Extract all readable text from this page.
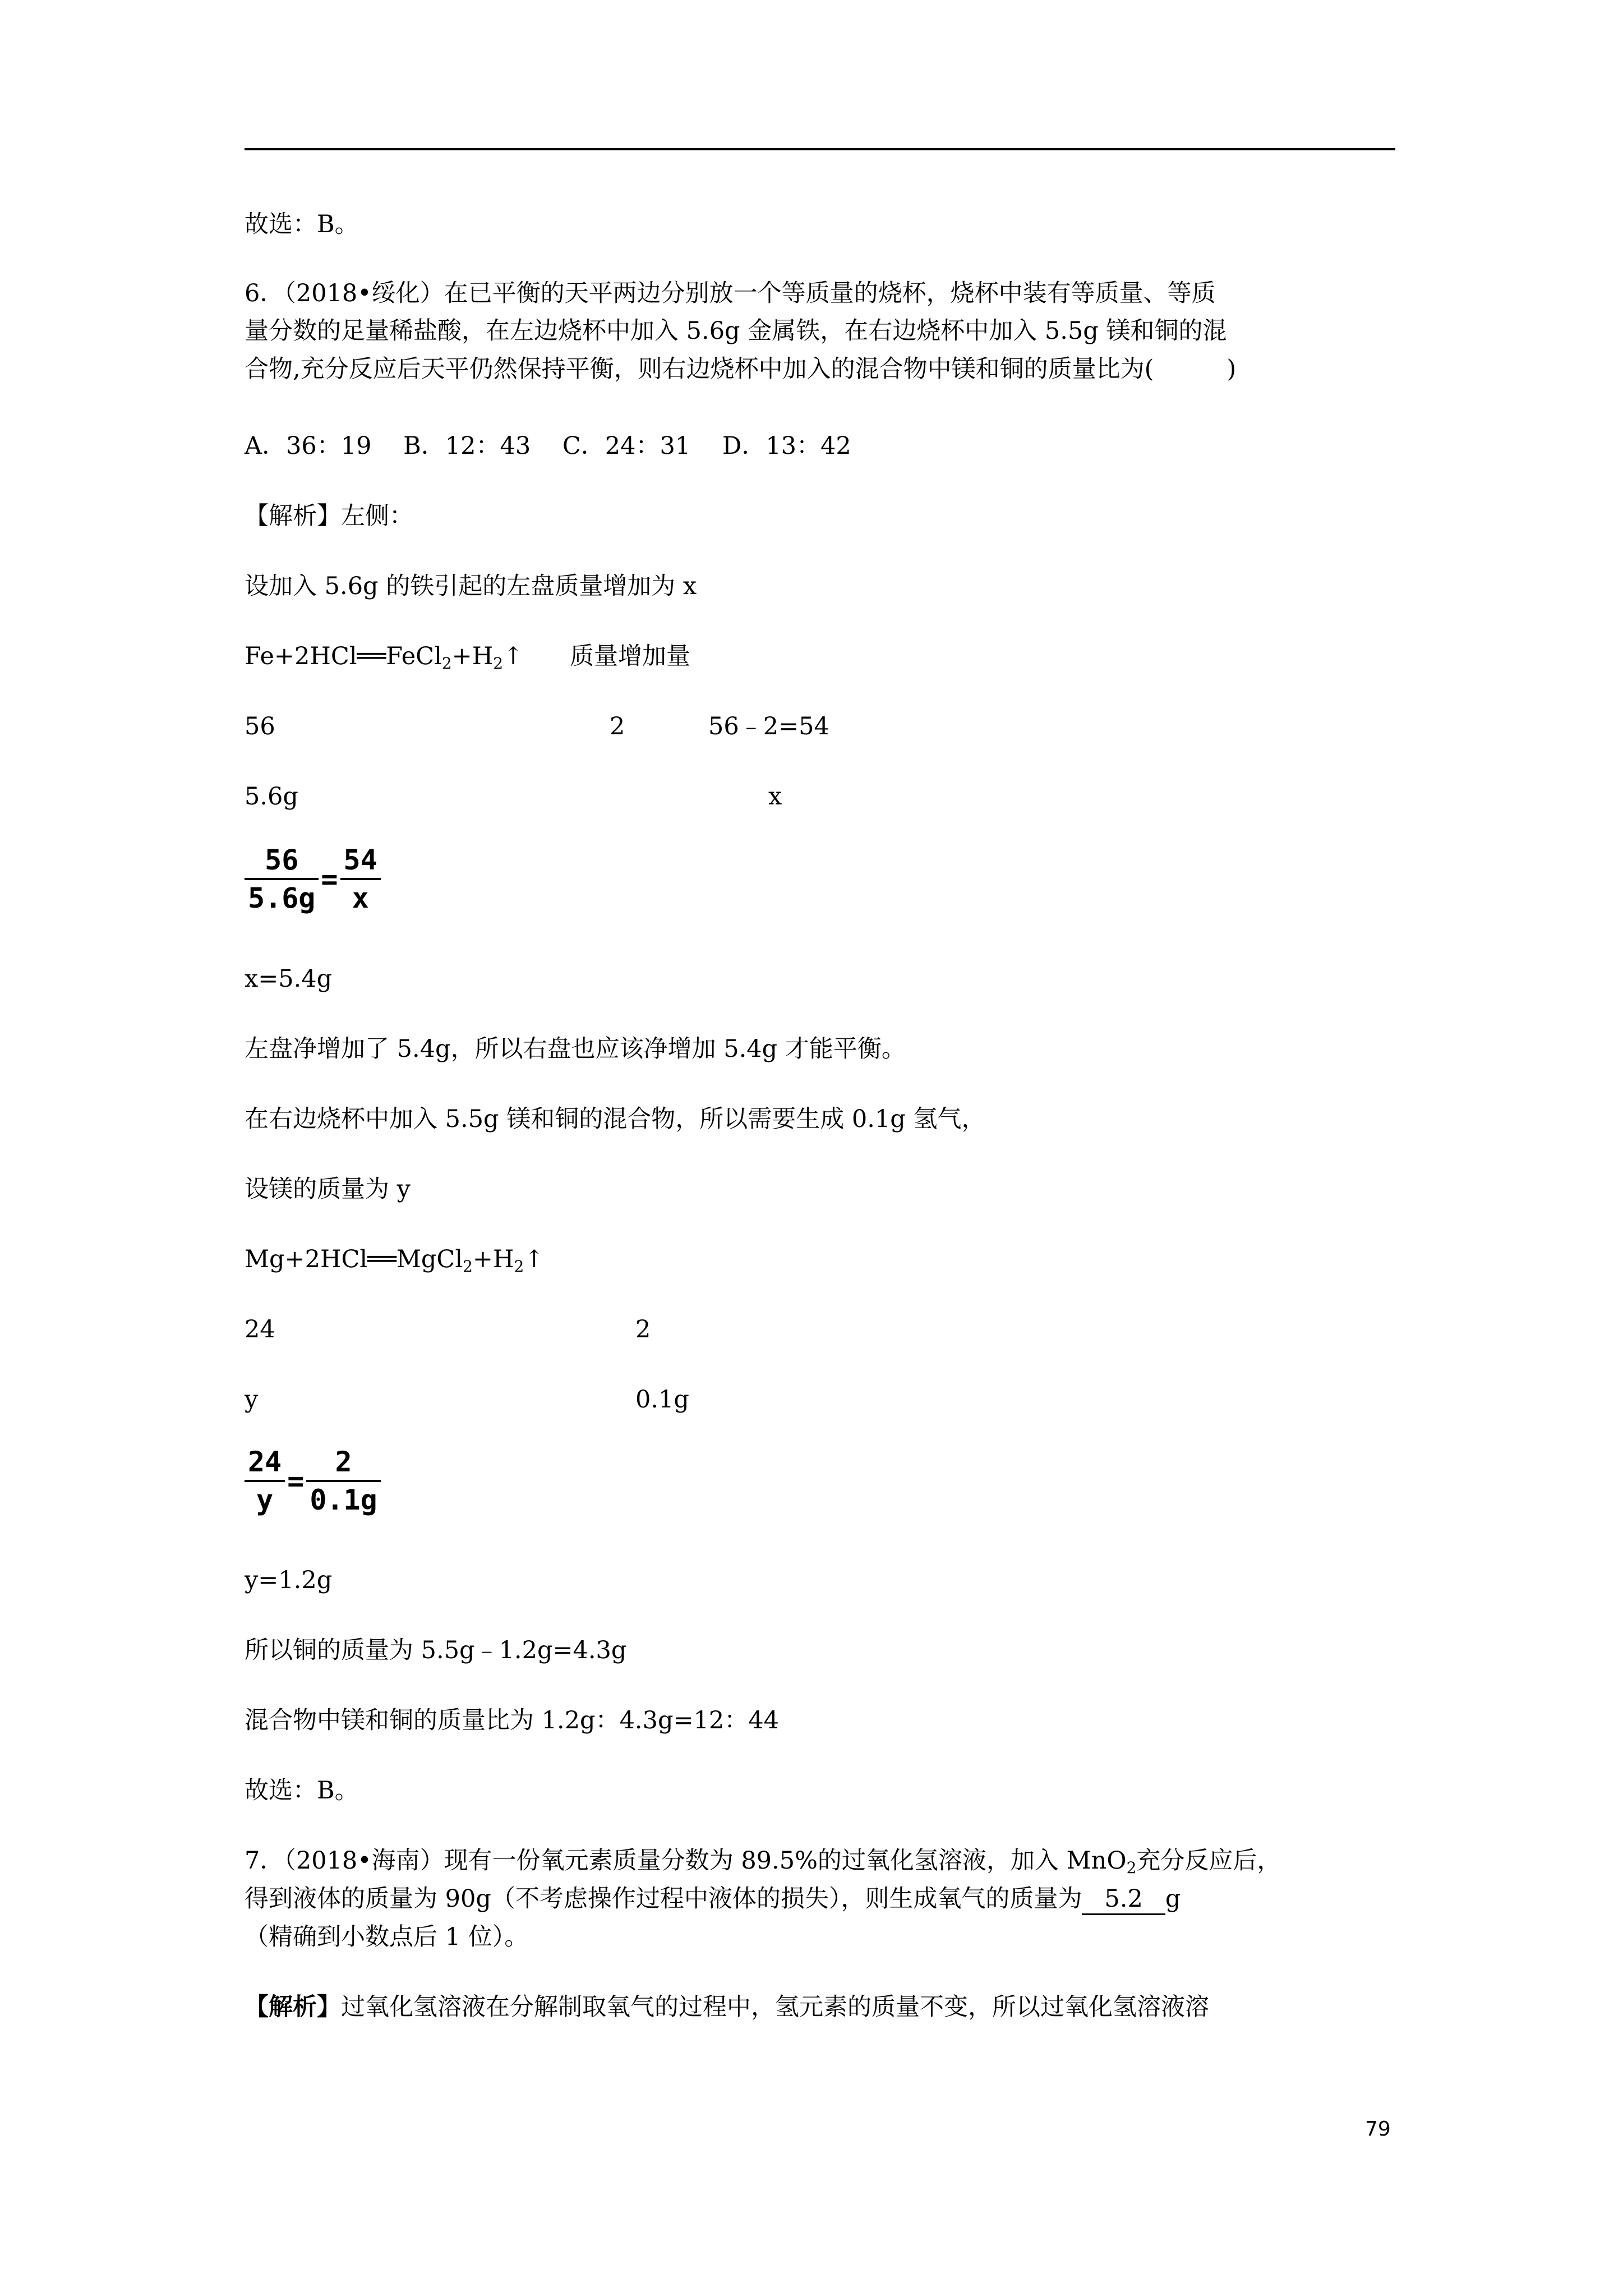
故选：B。
6．（2018•绥化）在已平衡的天平两边分别放一个等质量的烧杯，烧杯中装有等质量、等质
量分数的足量稀盐酸，在左边烧杯中加入 5.6g 金属铁，在右边烧杯中加入 5.5g 镁和铜的混
合物,充分反应后天平仍然保持平衡，则右边烧杯中加入的混合物中镁和铜的质量比为(	)
A．36：19　 B．12：43　 C．24：31　 D．13：42
【解析】左侧：
设加入 5.6g 的铁引起的左盘质量增加为 x
$Fe+2HCl══FeCl_2+H_2↑$ 质量增加量
56	2	56﹣2=54
5.6g	x
$\frac{56}{5.6g} = \frac{54}{x}$
x=5.4g
左盘净增加了 5.4g，所以右盘也应该净增加 5.4g 才能平衡。
在右边烧杯中加入 5.5g 镁和铜的混合物，所以需要生成 0.1g 氢气，
设镁的质量为 y
$Mg+2HCl══MgCl_2+H_2↑$
24	2
y	0.1g
$\frac{24}{y} = \frac{2}{0.1g}$
y=1.2g
所以铜的质量为 5.5g﹣1.2g=4.3g
混合物中镁和铜的质量比为 1.2g：4.3g=12：44
故选：B。
7．（2018•海南）现有一份氧元素质量分数为 89.5%的过氧化氢溶液，加入 MnO$_2$充分反应后，
得到液体的质量为 90g（不考虑操作过程中液体的损失），则生成氧气的质量为 5.2 g
（精确到小数点后 1 位）。
【解析】过氧化氢溶液在分解制取氧气的过程中，氢元素的质量不变，所以过氧化氢溶液溶
79
